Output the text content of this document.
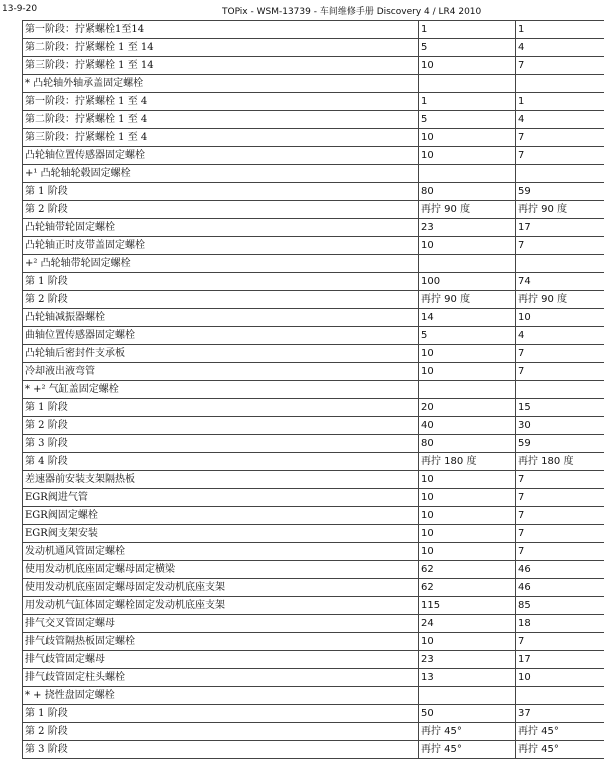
13-9-20	TOPix - WSM-13739 - 车间维修手册 Discovery 4 / LR4 2010
第一阶段：拧紧螺栓1至14	1	1
第二阶段：拧紧螺栓 1 至 14	5	4
第三阶段：拧紧螺栓 1 至 14	10	7
* 凸轮轴外轴承盖固定螺栓		
第一阶段：拧紧螺栓 1 至 4	1	1
第二阶段：拧紧螺栓 1 至 4	5	4
第三阶段：拧紧螺栓 1 至 4	10	7
凸轮轴位置传感器固定螺栓	10	7
+¹ 凸轮轴轮毂固定螺栓		
第 1 阶段	80	59
第 2 阶段	再拧 90 度	再拧 90 度
凸轮轴带轮固定螺栓	23	17
凸轮轴正时皮带盖固定螺栓	10	7
+² 凸轮轴带轮固定螺栓		
第 1 阶段	100	74
第 2 阶段	再拧 90 度	再拧 90 度
凸轮轴减振器螺栓	14	10
曲轴位置传感器固定螺栓	5	4
凸轮轴后密封件支承板	10	7
冷却液出液弯管	10	7
* +² 气缸盖固定螺栓		
第 1 阶段	20	15
第 2 阶段	40	30
第 3 阶段	80	59
第 4 阶段	再拧 180 度	再拧 180 度
差速器前安装支架隔热板	10	7
EGR阀进气管	10	7
EGR阀固定螺栓	10	7
EGR阀支架安装	10	7
发动机通风管固定螺栓	10	7
使用发动机底座固定螺母固定横梁	62	46
使用发动机底座固定螺母固定发动机底座支架	62	46
用发动机气缸体固定螺栓固定发动机底座支架	115	85
排气交叉管固定螺母	24	18
排气歧管隔热板固定螺栓	10	7
排气歧管固定螺母	23	17
排气歧管固定柱头螺栓	13	10
* + 挠性盘固定螺栓		
第 1 阶段	50	37
第 2 阶段	再拧 45°	再拧 45°
第 3 阶段	再拧 45°	再拧 45°
